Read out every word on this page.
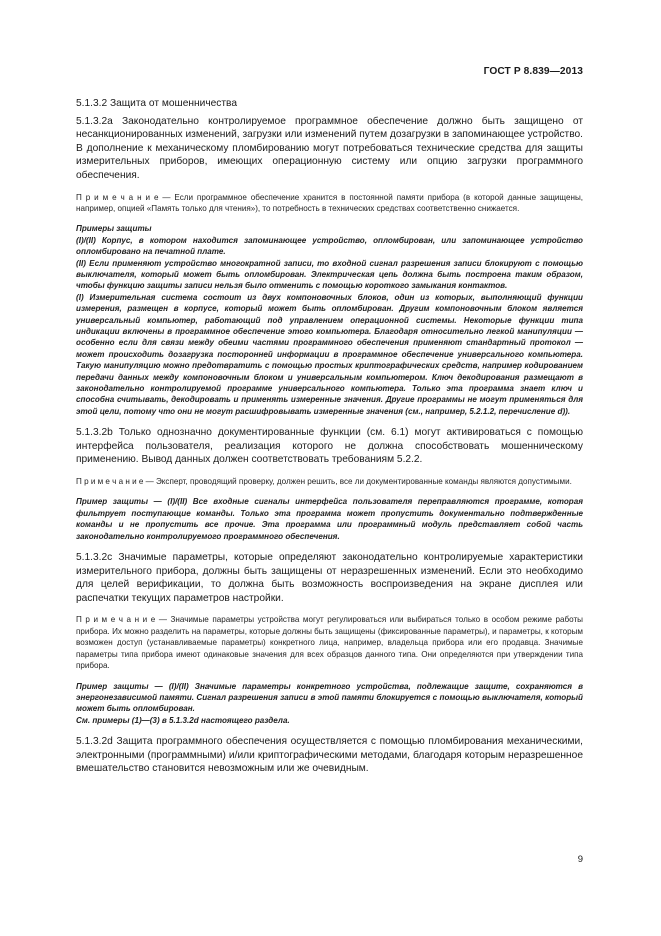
ГОСТ Р 8.839—2013

5.1.3.2 Защита от мошенничества

5.1.3.2a Законодательно контролируемое программное обеспечение должно быть защищено от несанкционированных изменений, загрузки или изменений путем дозагрузки в запоминающее устройство. В дополнение к механическому пломбированию могут потребоваться технические средства для защиты измерительных приборов, имеющих операционную систему или опцию загрузки программного обеспечения.

П р и м е ч а н и е — Если программное обеспечение хранится в постоянной памяти прибора (в которой данные защищены, например, опцией «Память только для чтения»), то потребность в технических средствах соответственно снижается.

Примеры защиты

(I)/(II) Корпус, в котором находится запоминающее устройство, опломбирован, или запоминающее устройство опломбировано на печатной плате.

(II) Если применяют устройство многократной записи, то входной сигнал разрешения записи блокируют с помощью выключателя, который может быть опломбирован. Электрическая цепь должна быть построена таким образом, чтобы функцию защиты записи нельзя было отменить с помощью короткого замыкания контактов.

(I) Измерительная система состоит из двух компоновочных блоков, один из которых, выполняющий функции измерения, размещен в корпусе, который может быть опломбирован. Другим компоновочным блоком является универсальный компьютер, работающий под управлением операционной системы. Некоторые функции типа индикации включены в программное обеспечение этого компьютера. Благодаря относительно легкой манипуляции — особенно если для связи между обеими частями программного обеспечения применяют стандартный протокол — может происходить дозагрузка посторонней информации в программное обеспечение универсального компьютера. Такую манипуляцию можно предотвратить с помощью простых криптографических средств, например кодированием передачи данных между компоновочным блоком и универсальным компьютером. Ключ декодирования размещают в законодательно контролируемой программе универсального компьютера. Только эта программа знает ключ и способна считывать, декодировать и применять измеренные значения. Другие программы не могут применяться для этой цели, потому что они не могут расшифровывать измеренные значения (см., например, 5.2.1.2, перечисление d)).

5.1.3.2b Только однозначно документированные функции (см. 6.1) могут активироваться с помощью интерфейса пользователя, реализация которого не должна способствовать мошенническому применению. Вывод данных должен соответствовать требованиям 5.2.2.

П р и м е ч а н и е — Эксперт, проводящий проверку, должен решить, все ли документированные команды являются допустимыми.

Пример защиты — (I)/(II) Все входные сигналы интерфейса пользователя переправляются программе, которая фильтрует поступающие команды. Только эта программа может пропустить документально подтвержденные команды и не пропустить все прочие. Эта программа или программный модуль представляет собой часть законодательно контролируемого программного обеспечения.

5.1.3.2c Значимые параметры, которые определяют законодательно контролируемые характеристики измерительного прибора, должны быть защищены от неразрешенных изменений. Если это необходимо для целей верификации, то должна быть возможность воспроизведения на экране дисплея или распечатки текущих параметров настройки.

П р и м е ч а н и е — Значимые параметры устройства могут регулироваться или выбираться только в особом режиме работы прибора. Их можно разделить на параметры, которые должны быть защищены (фиксированные параметры), и параметры, к которым возможен доступ (устанавливаемые параметры) конкретного лица, например, владельца прибора или его продавца. Значимые параметры типа прибора имеют одинаковые значения для всех образцов данного типа. Они определяются при утверждении типа прибора.

Пример защиты — (I)/(II) Значимые параметры конкретного устройства, подлежащие защите, сохраняются в энергонезависимой памяти. Сигнал разрешения записи в этой памяти блокируется с помощью выключателя, который может быть опломбирован.

См. примеры (1)—(3) в 5.1.3.2d настоящего раздела.

5.1.3.2d Защита программного обеспечения осуществляется с помощью пломбирования механическими, электронными (программными) и/или криптографическими методами, благодаря которым неразрешенное вмешательство становится невозможным или же очевидным.

9
